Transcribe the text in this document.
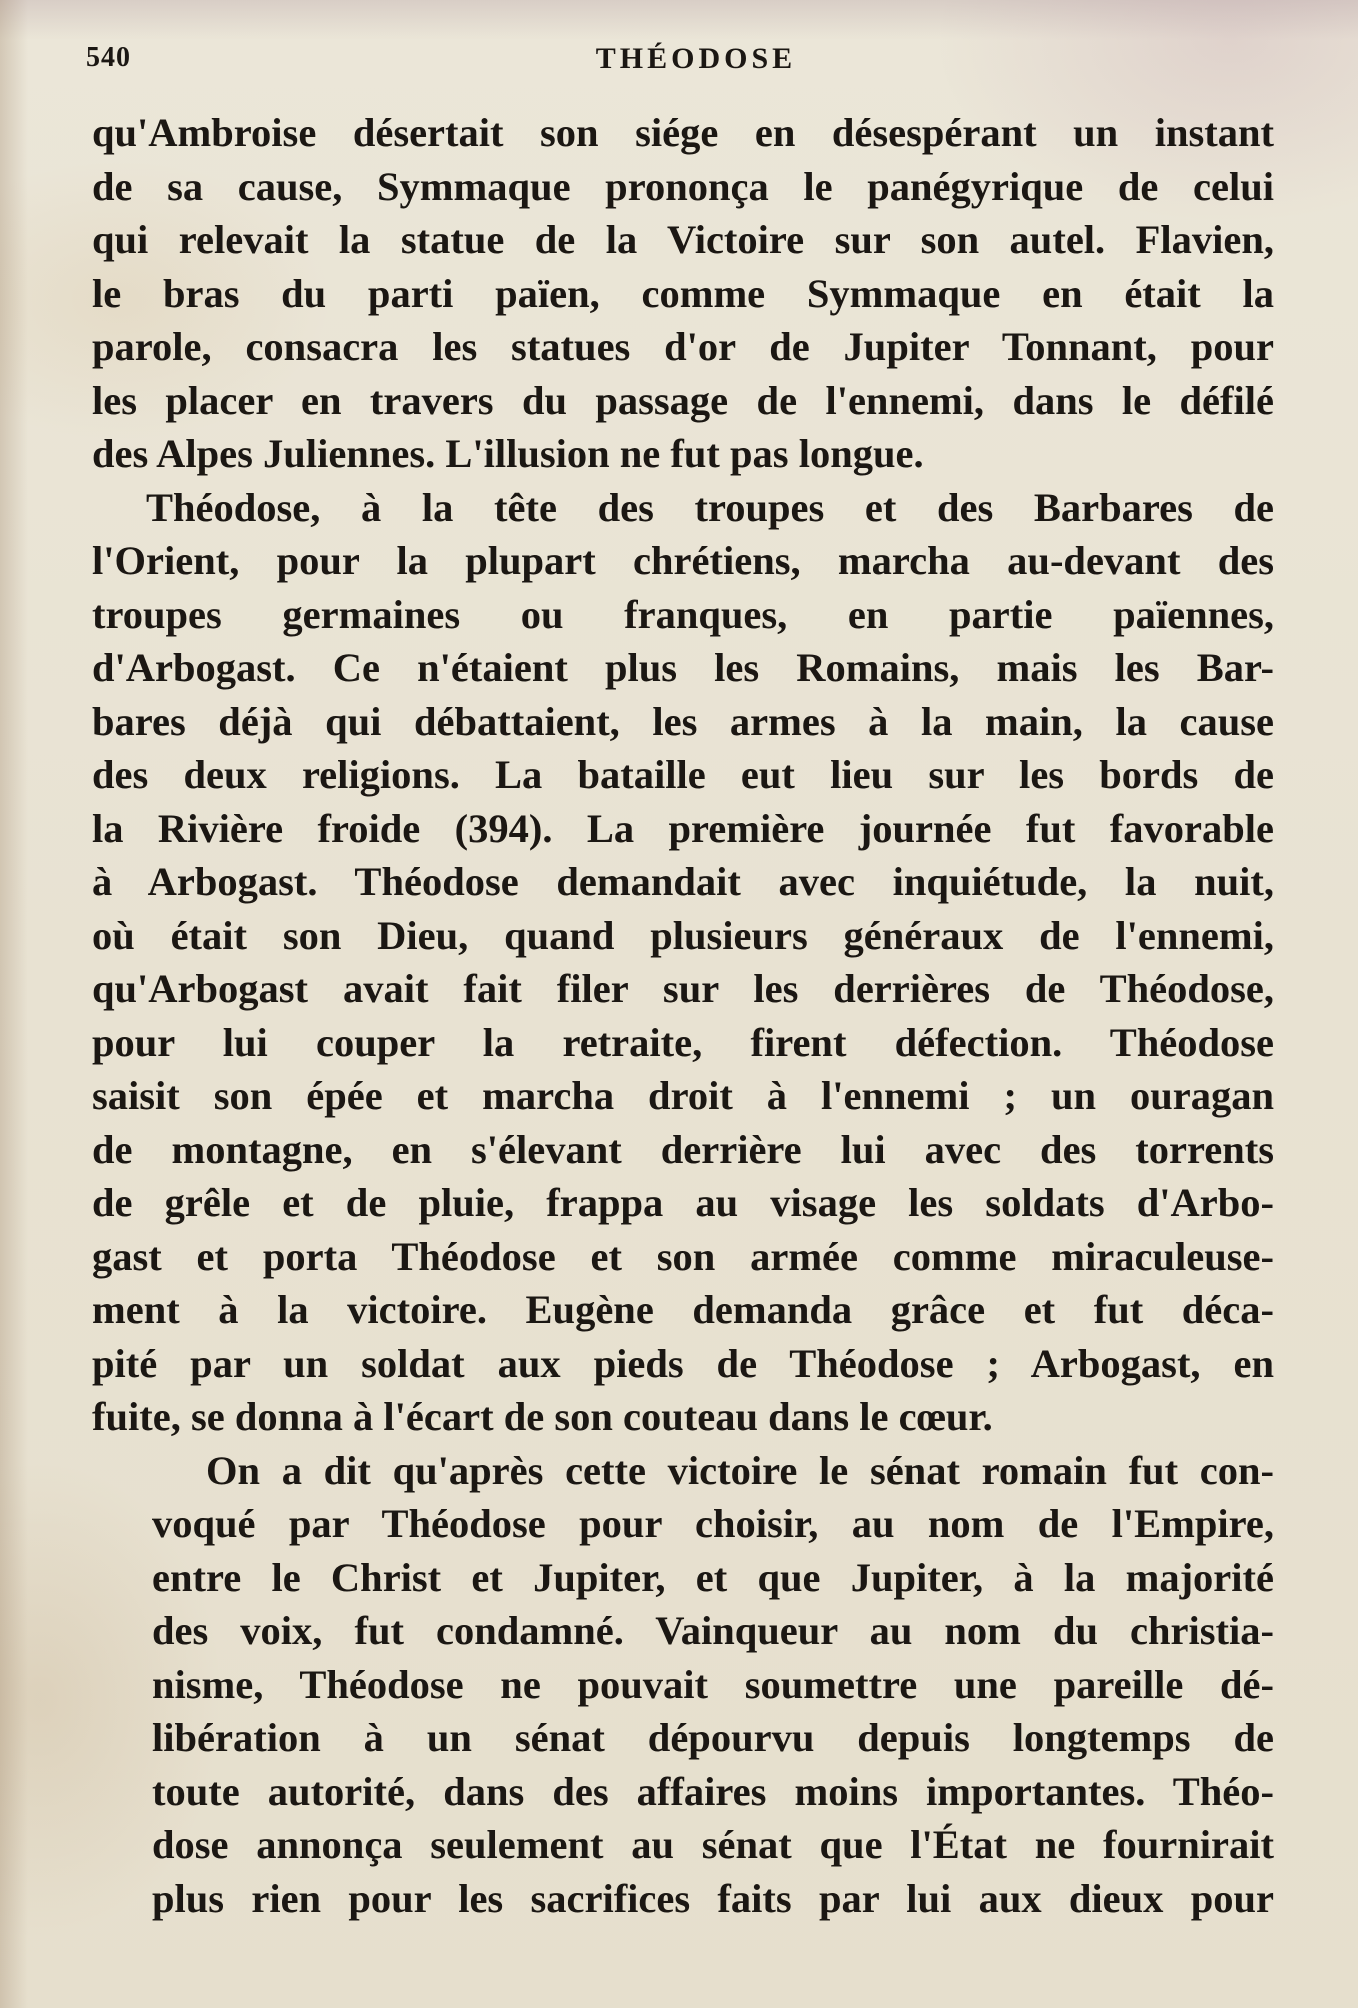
540	THÉODOSE
qu'Ambroise désertait son siége en désespérant un instant
de sa cause, Symmaque prononça le panégyrique de celui
qui relevait la statue de la Victoire sur son autel. Flavien,
le bras du parti païen, comme Symmaque en était la
parole, consacra les statues d'or de Jupiter Tonnant, pour
les placer en travers du passage de l'ennemi, dans le défilé
des Alpes Juliennes. L'illusion ne fut pas longue.
Théodose, à la tête des troupes et des Barbares de
l'Orient, pour la plupart chrétiens, marcha au-devant des
troupes germaines ou franques, en partie païennes,
d'Arbogast. Ce n'étaient plus les Romains, mais les Bar-
bares déjà qui débattaient, les armes à la main, la cause
des deux religions. La bataille eut lieu sur les bords de
la Rivière froide (394). La première journée fut favorable
à Arbogast. Théodose demandait avec inquiétude, la nuit,
où était son Dieu, quand plusieurs généraux de l'ennemi,
qu'Arbogast avait fait filer sur les derrières de Théodose,
pour lui couper la retraite, firent défection. Théodose
saisit son épée et marcha droit à l'ennemi ; un ouragan
de montagne, en s'élevant derrière lui avec des torrents
de grêle et de pluie, frappa au visage les soldats d'Arbo-
gast et porta Théodose et son armée comme miraculeuse-
ment à la victoire. Eugène demanda grâce et fut déca-
pité par un soldat aux pieds de Théodose ; Arbogast, en
fuite, se donna à l'écart de son couteau dans le cœur.
On a dit qu'après cette victoire le sénat romain fut con-
voqué par Théodose pour choisir, au nom de l'Empire,
entre le Christ et Jupiter, et que Jupiter, à la majorité
des voix, fut condamné. Vainqueur au nom du christia-
nisme, Théodose ne pouvait soumettre une pareille dé-
libération à un sénat dépourvu depuis longtemps de
toute autorité, dans des affaires moins importantes. Théo-
dose annonça seulement au sénat que l'État ne fournirait
plus rien pour les sacrifices faits par lui aux dieux pour
